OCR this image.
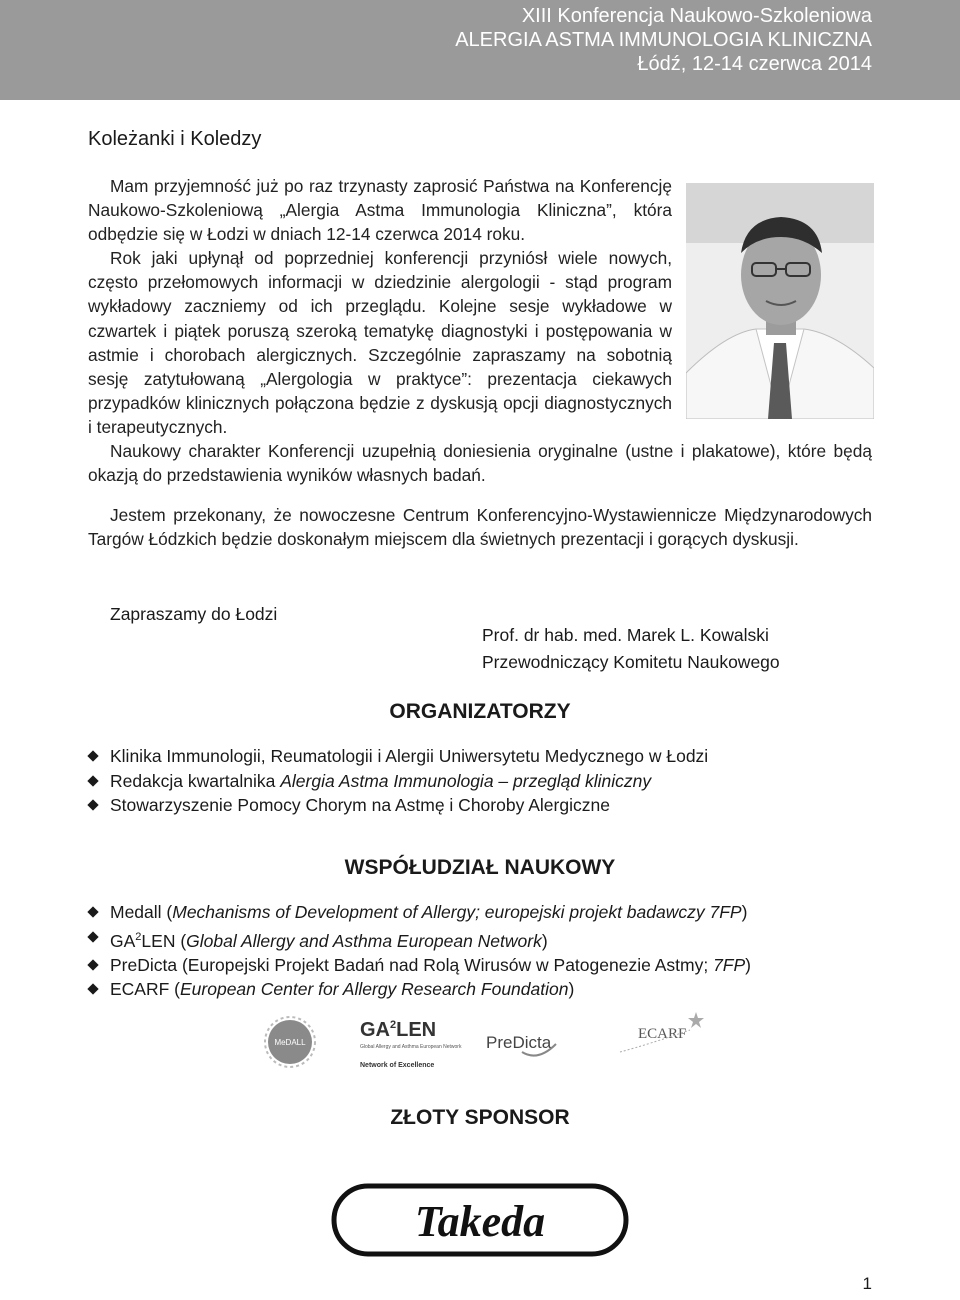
XIII Konferencja Naukowo-Szkoleniowa
ALERGIA ASTMA IMMUNOLOGIA KLINICZNA
Łódź, 12-14 czerwca 2014
Koleżanki i Koledzy

Mam przyjemność już po raz trzynasty zaprosić Państwa na Konferencję Naukowo-Szkoleniową „Alergia Astma Immunologia Kliniczna”, która odbędzie się w Łodzi w dniach 12-14 czerwca 2014 roku.

Rok jaki upłynął od poprzedniej konferencji przyniósł wiele nowych, często przełomowych informacji w dziedzinie alergologii - stąd program wykładowy zaczniemy od ich przeglądu. Kolejne sesje wykładowe w czwartek i piątek poruszą szeroką tematykę diagnostyki i postępowania w astmie i chorobach alergicznych. Szczególnie zapraszamy na sobotnią sesję zatytułowaną „Alergologia w praktyce”: prezentacja ciekawych przypadków klinicznych połączona będzie z dyskusją opcji diagnostycznych i terapeutycznych.

Naukowy charakter Konferencji uzupełnią doniesienia oryginalne (ustne i plakatowe), które będą okazją do przedstawienia wyników własnych badań.

Jestem przekonany, że nowoczesne Centrum Konferencyjno-Wystawiennicze Międzynarodowych Targów Łódzkich będzie doskonałym miejscem dla świetnych prezentacji i gorących dyskusji.

Zapraszamy do Łodzi
Prof. dr hab. med. Marek L. Kowalski
Przewodniczący Komitetu Naukowego
ORGANIZATORZY
Klinika Immunologii, Reumatologii i Alergii Uniwersytetu Medycznego w Łodzi
Redakcja kwartalnika Alergia Astma Immunologia – przegląd kliniczny
Stowarzyszenie Pomocy Chorym na Astmę i Choroby Alergiczne
WSPÓŁUDZIAŁ NAUKOWY
Medall (Mechanisms of Development of Allergy; europejski projekt badawczy 7FP)
$GA^2LEN$ (Global Allergy and Asthma European Network)
PreDicta (Europejski Projekt Badań nad Rolą Wirusów w Patogenezie Astmy; 7FP)
ECARF (European Center for Allergy Research Foundation)
MeDALL
$GA^2LEN$
Global Allergy and Asthma European Network
Network of Excellence
PreDicta	ECARF
ZŁOTY SPONSOR
Takeda
1
